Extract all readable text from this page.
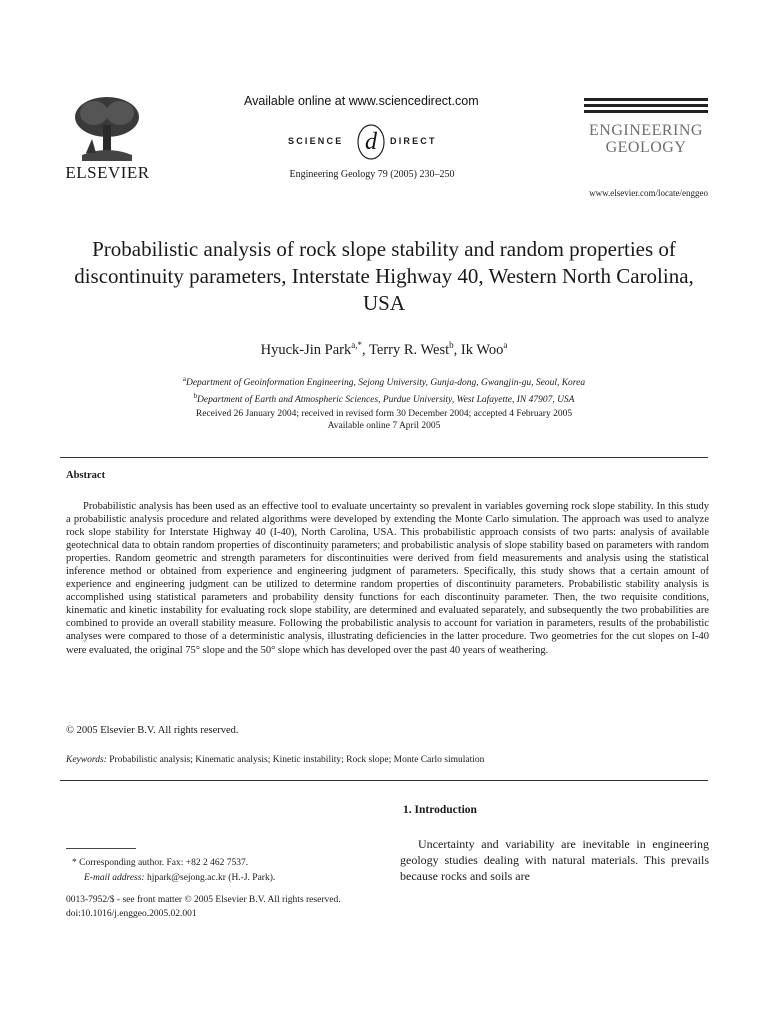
ELSEVIER
Available online at www.sciencedirect.com
SCIENCE d DIRECT
Engineering Geology 79 (2005) 230–250
ENGINEERING
GEOLOGY
www.elsevier.com/locate/enggeo
Probabilistic analysis of rock slope stability and random properties of discontinuity parameters, Interstate Highway 40, Western North Carolina, USA
Hyuck-Jin Park$^{a,*}$, Terry R. West$^b$, Ik Woo$^a$
$^a$Department of Geoinformation Engineering, Sejong University, Gunja-dong, Gwangjin-gu, Seoul, Korea
$^b$Department of Earth and Atmospheric Sciences, Purdue University, West Lafayette, IN 47907, USA
Received 26 January 2004; received in revised form 30 December 2004; accepted 4 February 2005
Available online 7 April 2005
Abstract
Probabilistic analysis has been used as an effective tool to evaluate uncertainty so prevalent in variables governing rock slope stability. In this study a probabilistic analysis procedure and related algorithms were developed by extending the Monte Carlo simulation. The approach was used to analyze rock slope stability for Interstate Highway 40 (I-40), North Carolina, USA. This probabilistic approach consists of two parts: analysis of available geotechnical data to obtain random properties of discontinuity parameters; and probabilistic analysis of slope stability based on parameters with random properties. Random geometric and strength parameters for discontinuities were derived from field measurements and analysis using the statistical inference method or obtained from experience and engineering judgment of parameters. Specifically, this study shows that a certain amount of experience and engineering judgment can be utilized to determine random properties of discontinuity parameters. Probabilistic stability analysis is accomplished using statistical parameters and probability density functions for each discontinuity parameter. Then, the two requisite conditions, kinematic and kinetic instability for evaluating rock slope stability, are determined and evaluated separately, and subsequently the two probabilities are combined to provide an overall stability measure. Following the probabilistic analysis to account for variation in parameters, results of the probabilistic analyses were compared to those of a deterministic analysis, illustrating deficiencies in the latter procedure. Two geometries for the cut slopes on I-40 were evaluated, the original 75° slope and the 50° slope which has developed over the past 40 years of weathering.
© 2005 Elsevier B.V. All rights reserved.
Keywords: Probabilistic analysis; Kinematic analysis; Kinetic instability; Rock slope; Monte Carlo simulation
1. Introduction
Uncertainty and variability are inevitable in engineering geology studies dealing with natural materials. This prevails because rocks and soils are
* Corresponding author. Fax: +82 2 462 7537.
E-mail address: hjpark@sejong.ac.kr (H.-J. Park).
0013-7952/$ - see front matter © 2005 Elsevier B.V. All rights reserved.
doi:10.1016/j.enggeo.2005.02.001
